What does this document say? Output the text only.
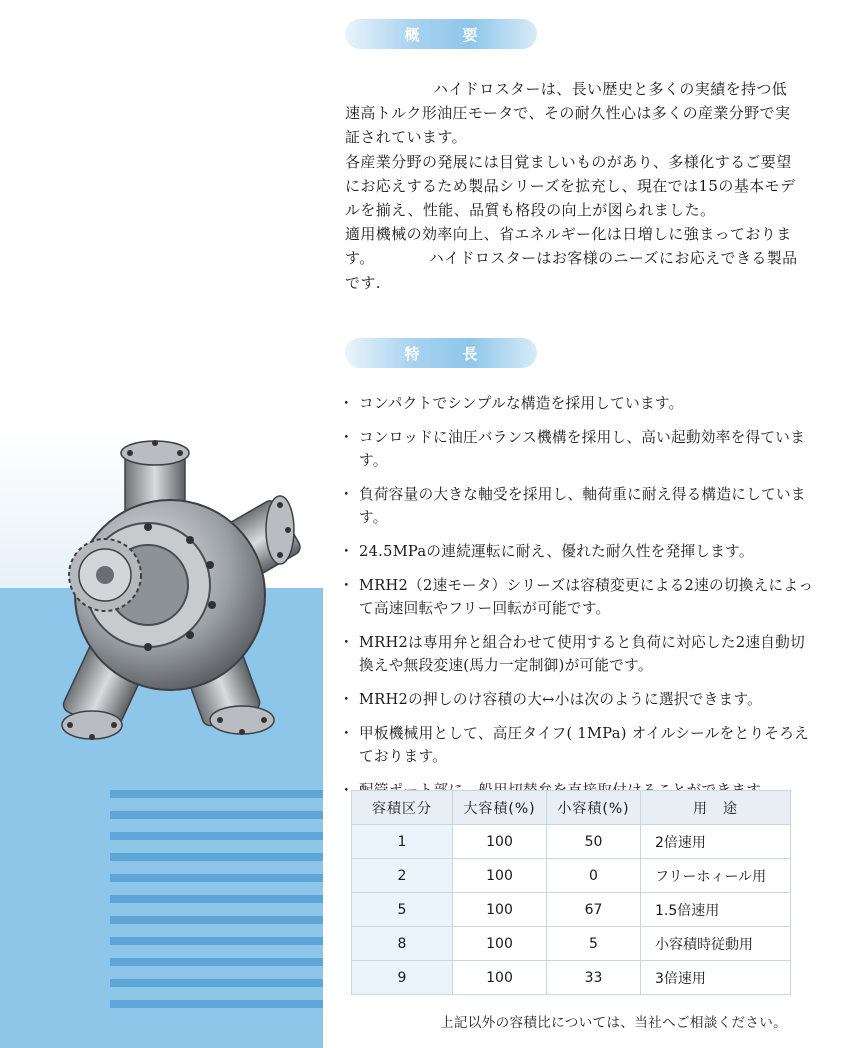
概　要

ハイドロスターは、長い歴史と多くの実績を持つ低速高トルク形油圧モータで、その耐久性心は多くの産業分野で実証されています。

各産業分野の発展には目覚ましいものがあり、多様化するご要望にお応えするため製品シリーズを拡充し、現在では15の基本モデルを揃え、性能、品質も格段の向上が図られました。

適用機械の効率向上、省エネルギー化は日増しに強まっております。　　　　ハイドロスターはお客様のニーズにお応えできる製品です.

特　長
・ コンパクトでシンプルな構造を採用しています。
・ コンロッドに油圧バランス機構を採用し、高い起動効率を得ています。
・ 負荷容量の大きな軸受を採用し、軸荷重に耐え得る構造にしています。
・ 24.5MPaの連続運転に耐え、優れた耐久性を発揮します。
・ MRH2（2速モータ）シリーズは容積変更による2速の切換えによって高速回転やフリー回転が可能です。
・ MRH2は専用弁と組合わせて使用すると負荷に対応した2速自動切換えや無段変速(馬力一定制御)が可能です。
・ MRH2の押しのけ容積の大↔小は次のように選択できます。
・ 甲板機械用として、高圧タイフ( 1MPa) オイルシールをとりそろえております。
・
容積区分	大容積(%)	小容積(%)	用　途
1	100	50	2倍速用
2	100	0	フリーホィール用
5	100	67	1.5倍速用
8	100	5	小容積時従動用
9	100	33	3倍速用
上記以外の容積比については、当社へご相談ください。
